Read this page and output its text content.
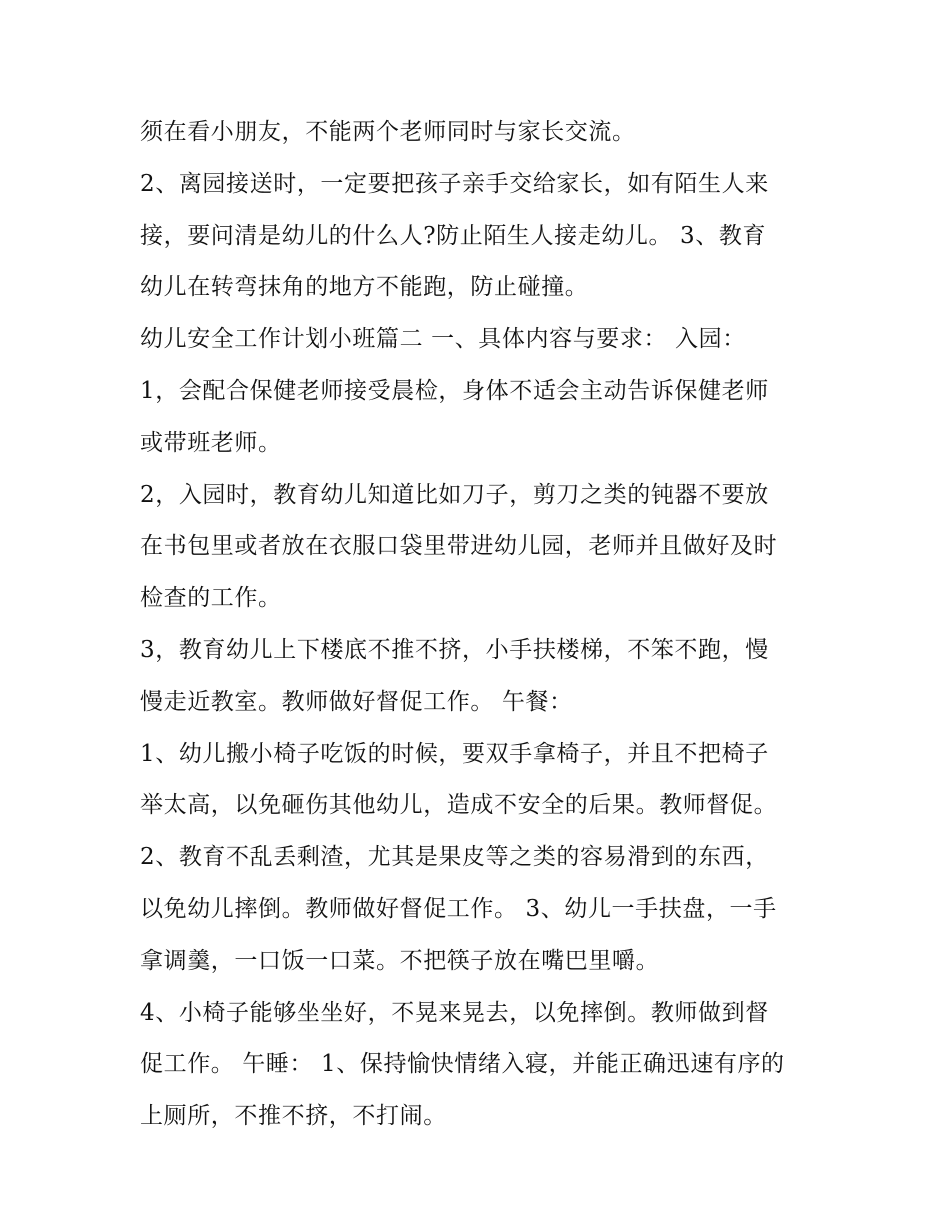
须在看小朋友，不能两个老师同时与家长交流。
2、离园接送时，一定要把孩子亲手交给家长，如有陌生人来
接，要问清是幼儿的什么人?防止陌生人接走幼儿。 3、教育
幼儿在转弯抹角的地方不能跑，防止碰撞。
幼儿安全工作计划小班篇二 一、具体内容与要求： 入园：
1，会配合保健老师接受晨检，身体不适会主动告诉保健老师
或带班老师。
2，入园时，教育幼儿知道比如刀子，剪刀之类的钝器不要放
在书包里或者放在衣服口袋里带进幼儿园，老师并且做好及时
检查的工作。
3，教育幼儿上下楼底不推不挤，小手扶楼梯，不笨不跑，慢
慢走近教室。教师做好督促工作。 午餐：
1、幼儿搬小椅子吃饭的时候，要双手拿椅子，并且不把椅子
举太高，以免砸伤其他幼儿，造成不安全的后果。教师督促。
2、教育不乱丢剩渣，尤其是果皮等之类的容易滑到的东西，
以免幼儿摔倒。教师做好督促工作。 3、幼儿一手扶盘，一手
拿调羹，一口饭一口菜。不把筷子放在嘴巴里嚼。
4、小椅子能够坐坐好，不晃来晃去，以免摔倒。教师做到督
促工作。 午睡： 1、保持愉快情绪入寝，并能正确迅速有序的
上厕所，不推不挤，不打闹。
